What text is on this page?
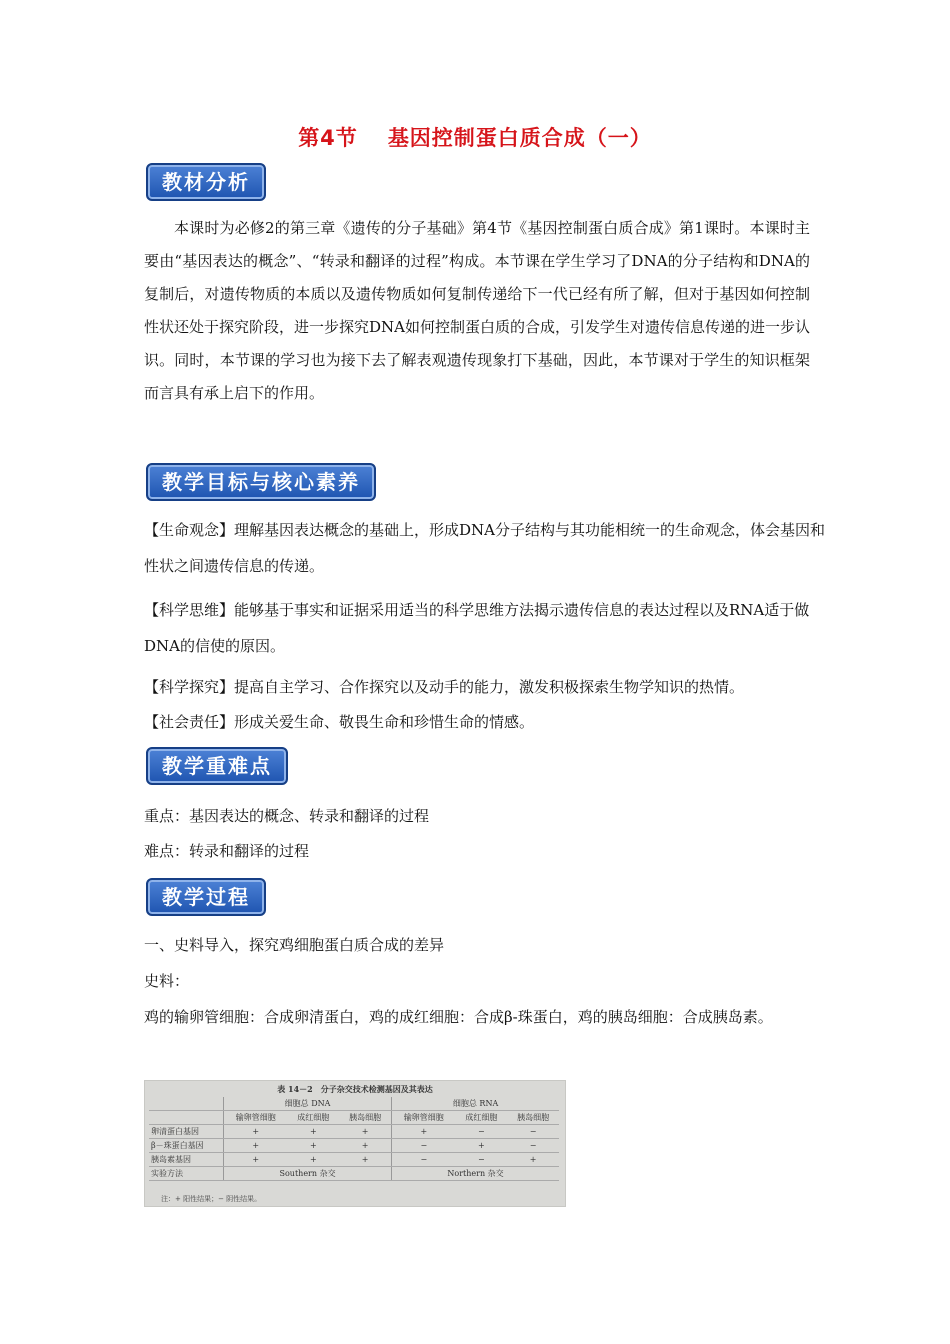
第4节 基因控制蛋白质合成（一）
教材分析
本课时为必修2的第三章《遗传的分子基础》第4节《基因控制蛋白质合成》第1课时。本课时主要由“基因表达的概念”、“转录和翻译的过程”构成。本节课在学生学习了DNA的分子结构和DNA的复制后，对遗传物质的本质以及遗传物质如何复制传递给下一代已经有所了解，但对于基因如何控制性状还处于探究阶段，进一步探究DNA如何控制蛋白质的合成，引发学生对遗传信息传递的进一步认识。同时，本节课的学习也为接下去了解表观遗传现象打下基础，因此，本节课对于学生的知识框架而言具有承上启下的作用。
教学目标与核心素养
【生命观念】理解基因表达概念的基础上，形成DNA分子结构与其功能相统一的生命观念，体会基因和性状之间遗传信息的传递。
【科学思维】能够基于事实和证据采用适当的科学思维方法揭示遗传信息的表达过程以及RNA适于做DNA的信使的原因。
【科学探究】提高自主学习、合作探究以及动手的能力，激发积极探索生物学知识的热情。
【社会责任】形成关爱生命、敬畏生命和珍惜生命的情感。
教学重难点
重点：基因表达的概念、转录和翻译的过程
难点：转录和翻译的过程
教学过程
一、史料导入，探究鸡细胞蛋白质合成的差异
史料：
鸡的输卵管细胞：合成卵清蛋白，鸡的成红细胞：合成β-珠蛋白，鸡的胰岛细胞：合成胰岛素。
表 14－2　分子杂交技术检测基因及其表达
	细胞总 DNA			细胞总 RNA		
	输卵管细胞	成红细胞	胰岛细胞	输卵管细胞	成红细胞	胰岛细胞
卵清蛋白基因	+	+	+	+	−	−
β－珠蛋白基因	+	+	+	−	+	−
胰岛素基因	+	+	+	−	−	+
实验方法	Southern 杂交			Northern 杂交		
注：+ 阳性结果；− 阴性结果。
